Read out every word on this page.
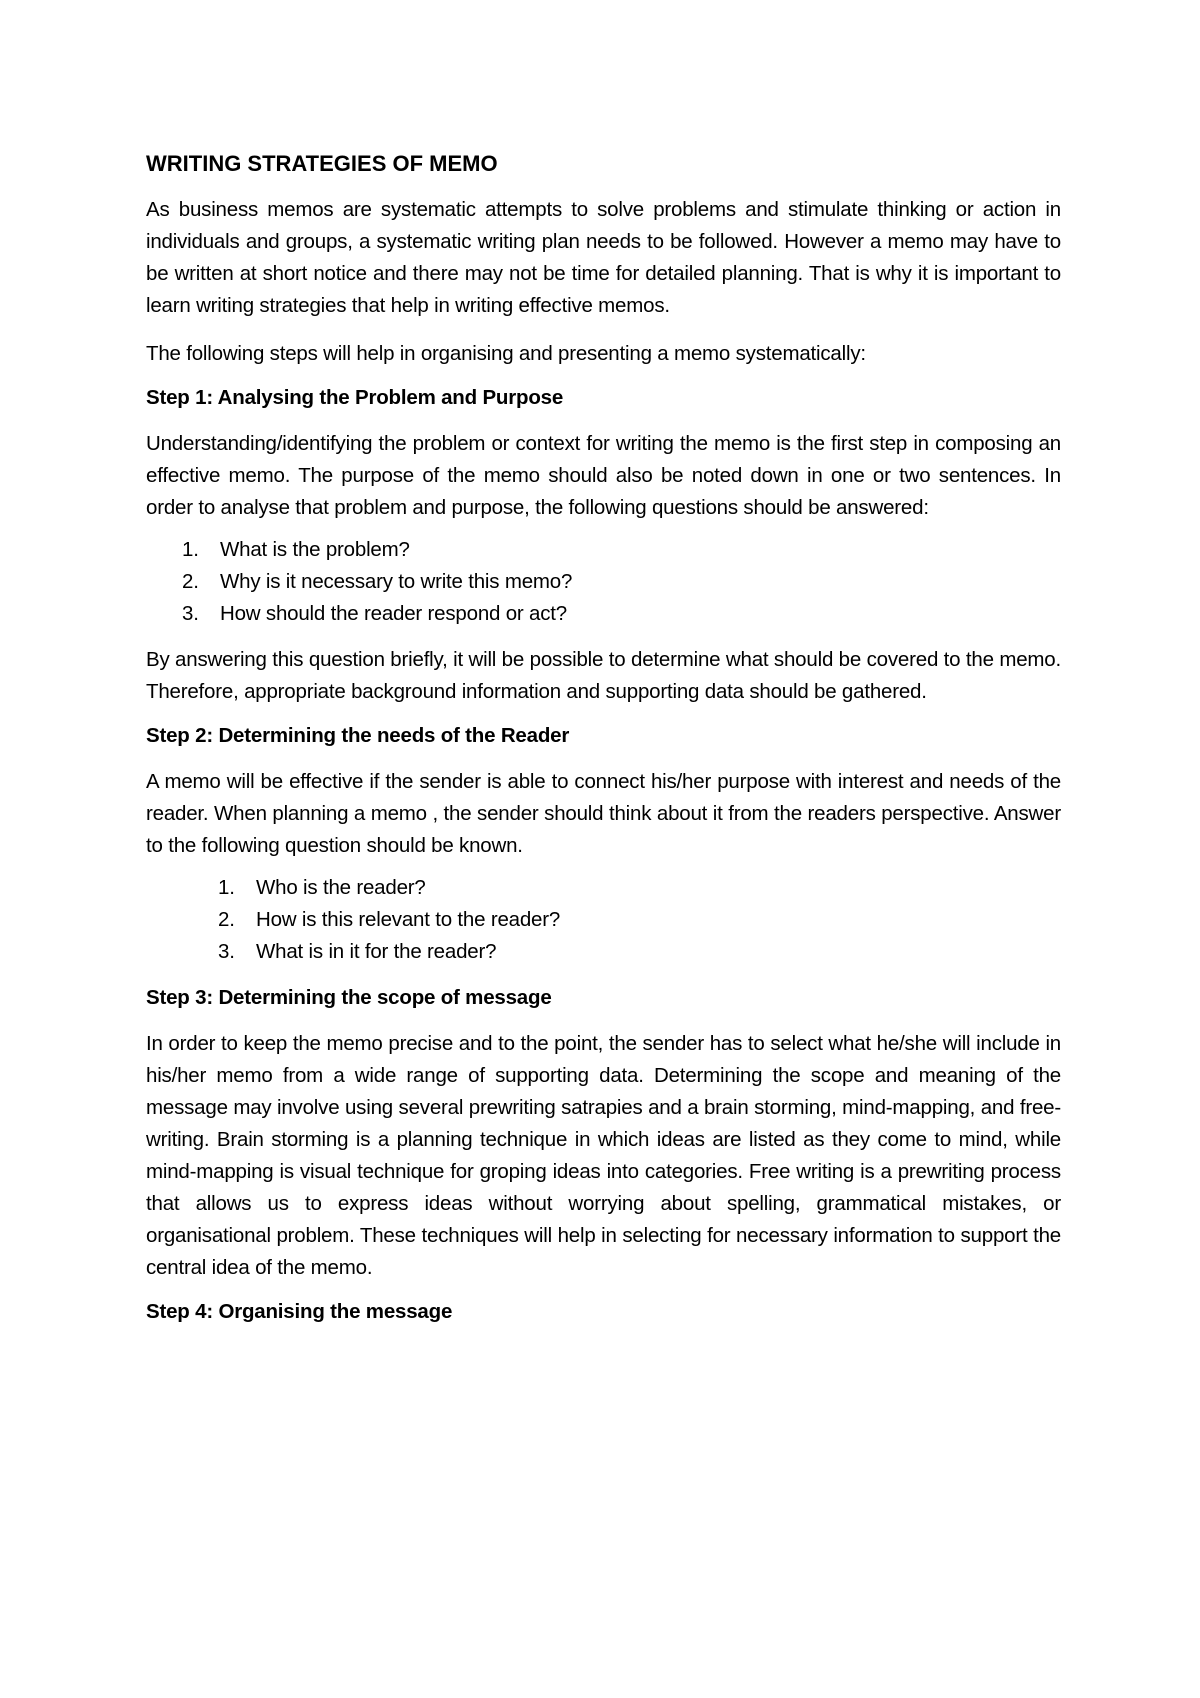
WRITING STRATEGIES OF MEMO

As business memos are systematic attempts to solve problems and stimulate thinking or action in individuals and groups, a systematic writing plan needs to be followed. However a memo may have to be written at short notice and there may not be time for detailed planning. That is why it is important to learn writing strategies that help in writing effective memos.

The following steps will help in organising and presenting a memo systematically:

Step 1: Analysing the Problem and Purpose

Understanding/identifying the problem or context for writing the memo is the first step in composing an effective memo. The purpose of the memo should also be noted down in one or two sentences. In order to analyse that problem and purpose, the following questions should be answered:

1.	What is the problem?
2.	Why is it necessary to write this memo?
3.	How should the reader respond or act?

By answering this question briefly, it will be possible to determine what should be covered to the memo. Therefore, appropriate background information and supporting data should be gathered.

Step 2: Determining the needs of the Reader

A memo will be effective if the sender is able to connect his/her purpose with interest and needs of the reader. When planning a memo , the sender should think about it from the readers perspective. Answer to the following question should be known.

1.	Who is the reader?
2.	How is this relevant to the reader?
3.	What is in it for the reader?
Step 3: Determining the scope of message

In order to keep the memo precise and to the point, the sender has to select what he/she will include in his/her memo from a wide range of supporting data. Determining the scope and meaning of the message may involve using several prewriting satrapies and a brain storming, mind-mapping, and free-writing. Brain storming is a planning technique in which ideas are listed as they come to mind, while mind-mapping is visual technique for groping ideas into categories. Free writing is a prewriting process that allows us to express ideas without worrying about spelling, grammatical mistakes, or organisational problem. These techniques will help in selecting for necessary information to support the central idea of the memo.

Step 4: Organising the message
